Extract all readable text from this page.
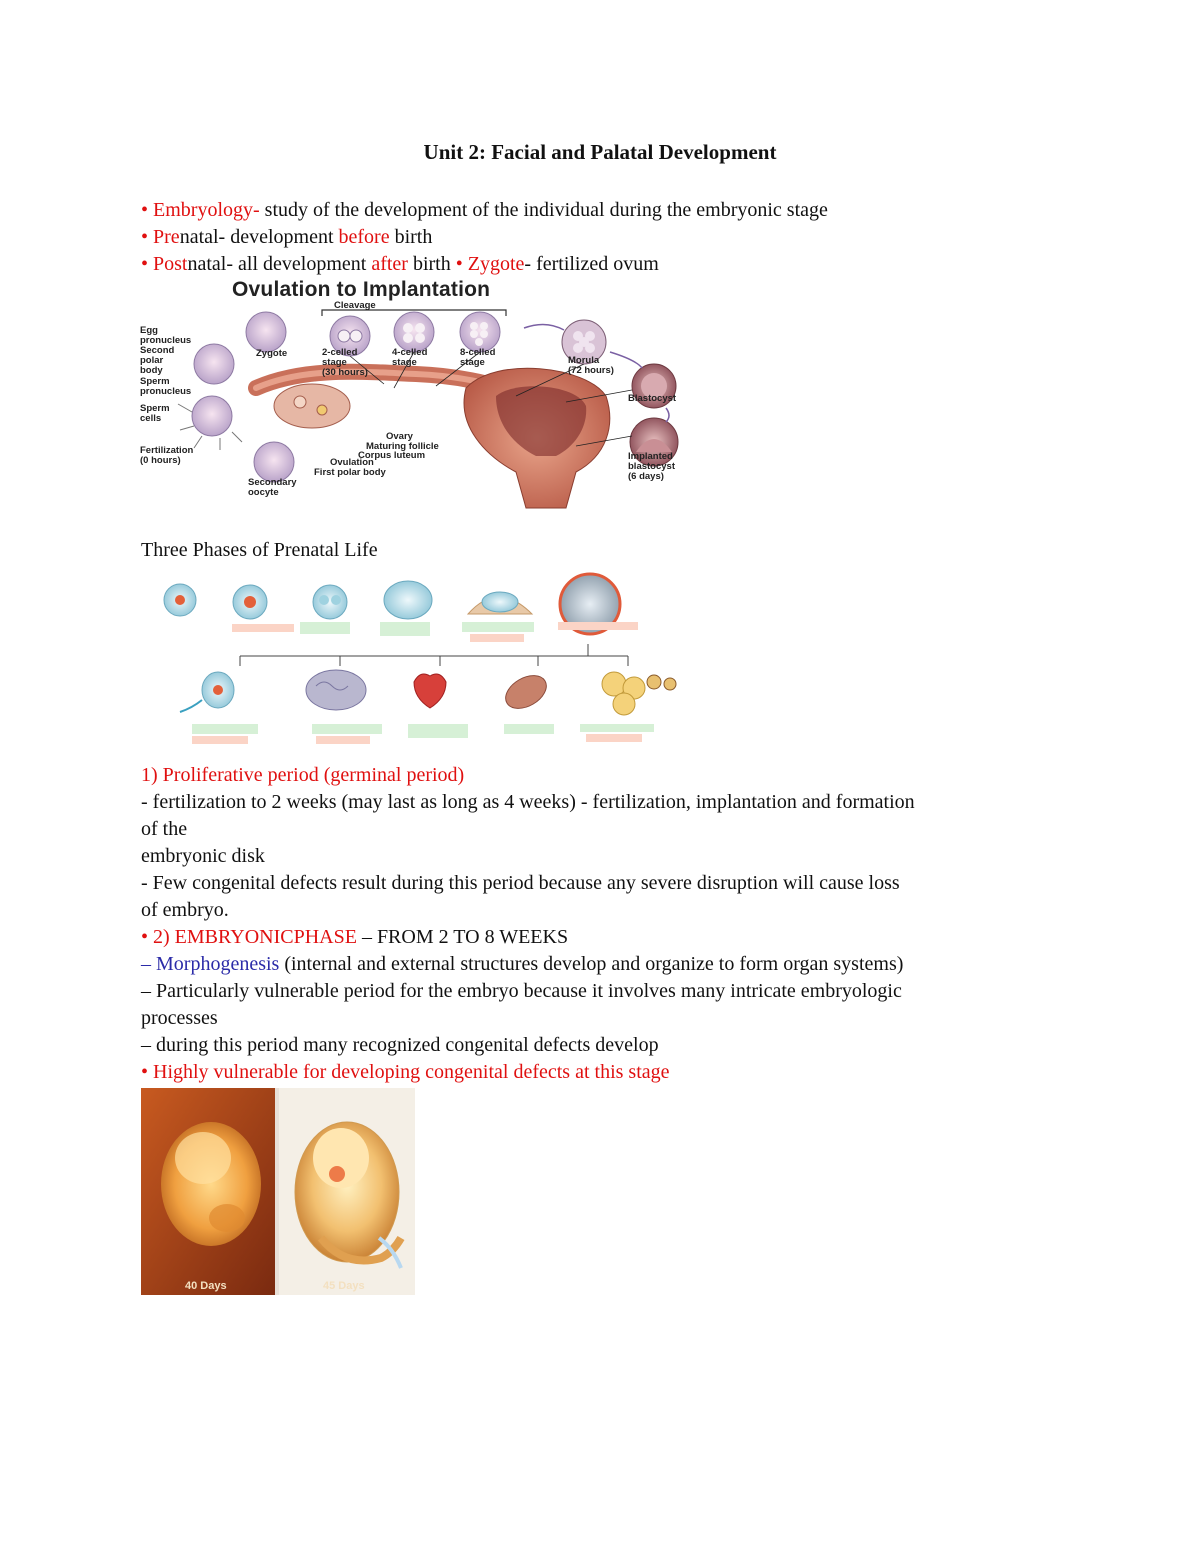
Unit 2: Facial and Palatal Development
• Embryology- study of the development of the individual during the embryonic stage
• Prenatal- development before birth
• Postnatal- all development after birth • Zygote- fertilized ovum
Ovulation to Implantation
Cleavage
Egg
pronucleus
Second
polar
body
Sperm
pronucleus
Sperm
cells
Fertilization
(0 hours)
Zygote	2-celled
stage
(30 hours)
4-celled
stage
8-celled
stage	Morula
(72 hours)
Blastocyst
Implanted
blastocyst
(6 days)
Ovary
Maturing follicle
Corpus luteum
Ovulation
First polar body
Secondary
oocyte
Three Phases of Prenatal Life
1) Proliferative period (germinal period)
- fertilization to 2 weeks (may last as long as 4 weeks) - fertilization, implantation and formation
of the
embryonic disk
- Few congenital defects result during this period because any severe disruption will cause loss
of embryo.
• 2) EMBRYONICPHASE – FROM 2 TO 8 WEEKS
– Morphogenesis (internal and external structures develop and organize to form organ systems)
– Particularly vulnerable period for the embryo because it involves many intricate embryologic
processes
– during this period many recognized congenital defects develop
• Highly vulnerable for developing congenital defects at this stage
40 Days	45 Days
